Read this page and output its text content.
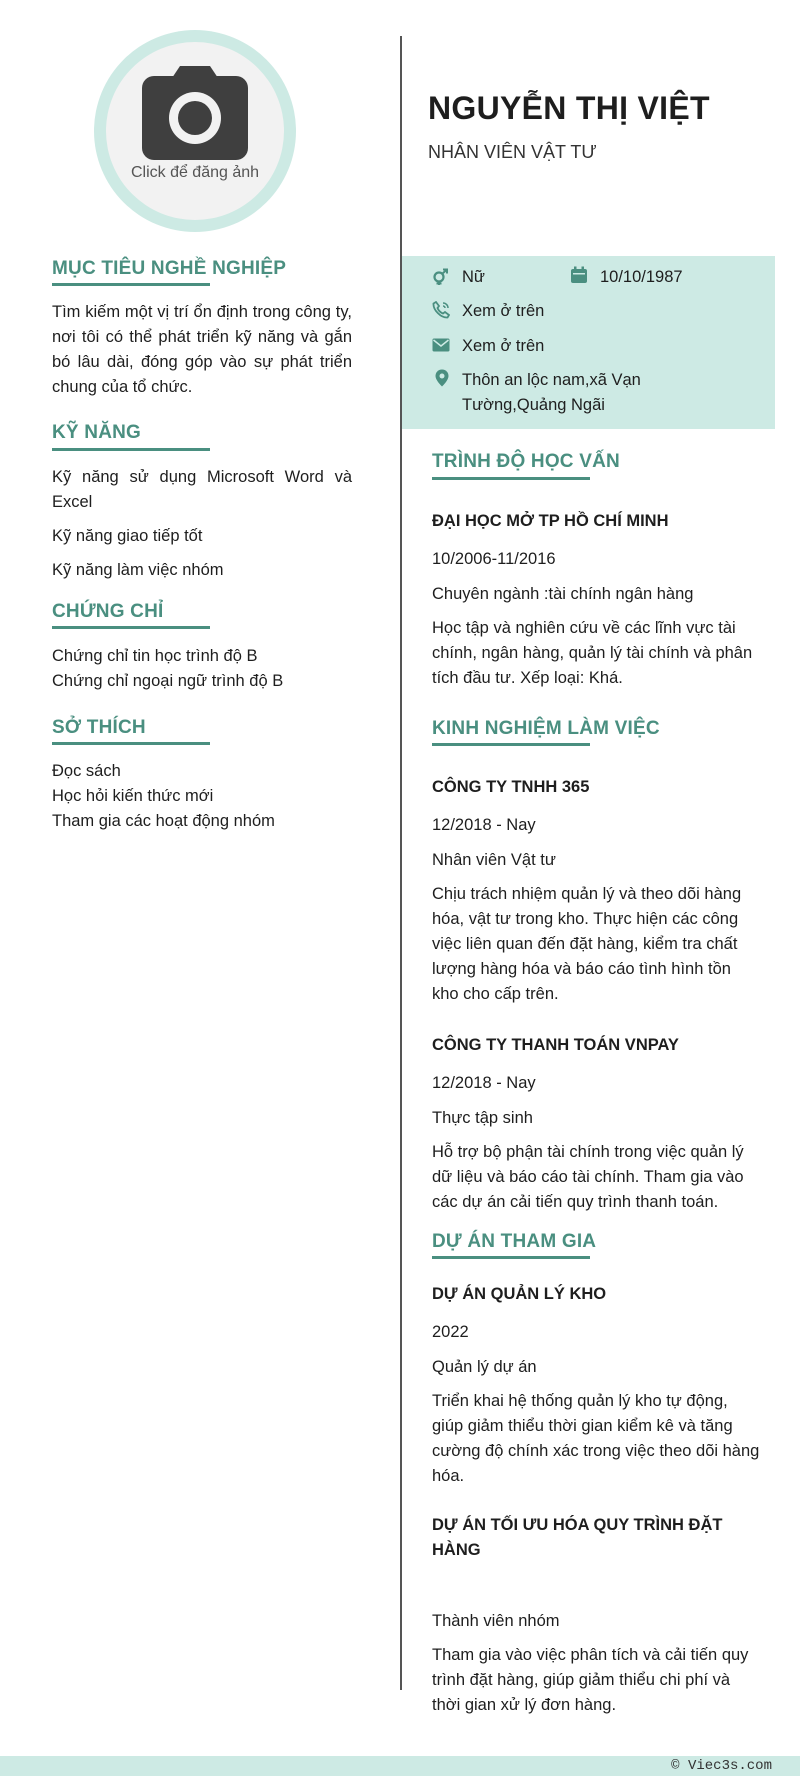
Click để đăng ảnh
NGUYỄN THỊ VIỆT
NHÂN VIÊN VẬT TƯ
Nữ	10/10/1987
Xem ở trên
Xem ở trên
Thôn an lộc nam,xã Vạn
Tường,Quảng Ngãi
MỤC TIÊU NGHỀ NGHIỆP
Tìm kiếm một vị trí ổn định trong công ty, nơi tôi có thể phát triển kỹ năng và gắn bó lâu dài, đóng góp vào sự phát triển chung của tổ chức.
KỸ NĂNG
Kỹ năng sử dụng Microsoft Word và Excel
Kỹ năng giao tiếp tốt
Kỹ năng làm việc nhóm
CHỨNG CHỈ
Chứng chỉ tin học trình độ B
Chứng chỉ ngoại ngữ trình độ B
SỞ THÍCH
Đọc sách
Học hỏi kiến thức mới
Tham gia các hoạt động nhóm
TRÌNH ĐỘ HỌC VẤN
ĐẠI HỌC MỞ TP HỒ CHÍ MINH
10/2006-11/2016
Chuyên ngành :tài chính ngân hàng
Học tập và nghiên cứu về các lĩnh vực tài chính, ngân hàng, quản lý tài chính và phân tích đầu tư. Xếp loại: Khá.
KINH NGHIỆM LÀM VIỆC
CÔNG TY TNHH 365
12/2018 - Nay
Nhân viên Vật tư
Chịu trách nhiệm quản lý và theo dõi hàng hóa, vật tư trong kho. Thực hiện các công việc liên quan đến đặt hàng, kiểm tra chất lượng hàng hóa và báo cáo tình hình tồn kho cho cấp trên.
CÔNG TY THANH TOÁN VNPAY
12/2018 - Nay
Thực tập sinh
Hỗ trợ bộ phận tài chính trong việc quản lý dữ liệu và báo cáo tài chính. Tham gia vào các dự án cải tiến quy trình thanh toán.
DỰ ÁN THAM GIA
DỰ ÁN QUẢN LÝ KHO
2022
Quản lý dự án
Triển khai hệ thống quản lý kho tự động, giúp giảm thiểu thời gian kiểm kê và tăng cường độ chính xác trong việc theo dõi hàng hóa.
DỰ ÁN TỐI ƯU HÓA QUY TRÌNH ĐẶT HÀNG
Thành viên nhóm
Tham gia vào việc phân tích và cải tiến quy trình đặt hàng, giúp giảm thiểu chi phí và thời gian xử lý đơn hàng.
© Viec3s.com
